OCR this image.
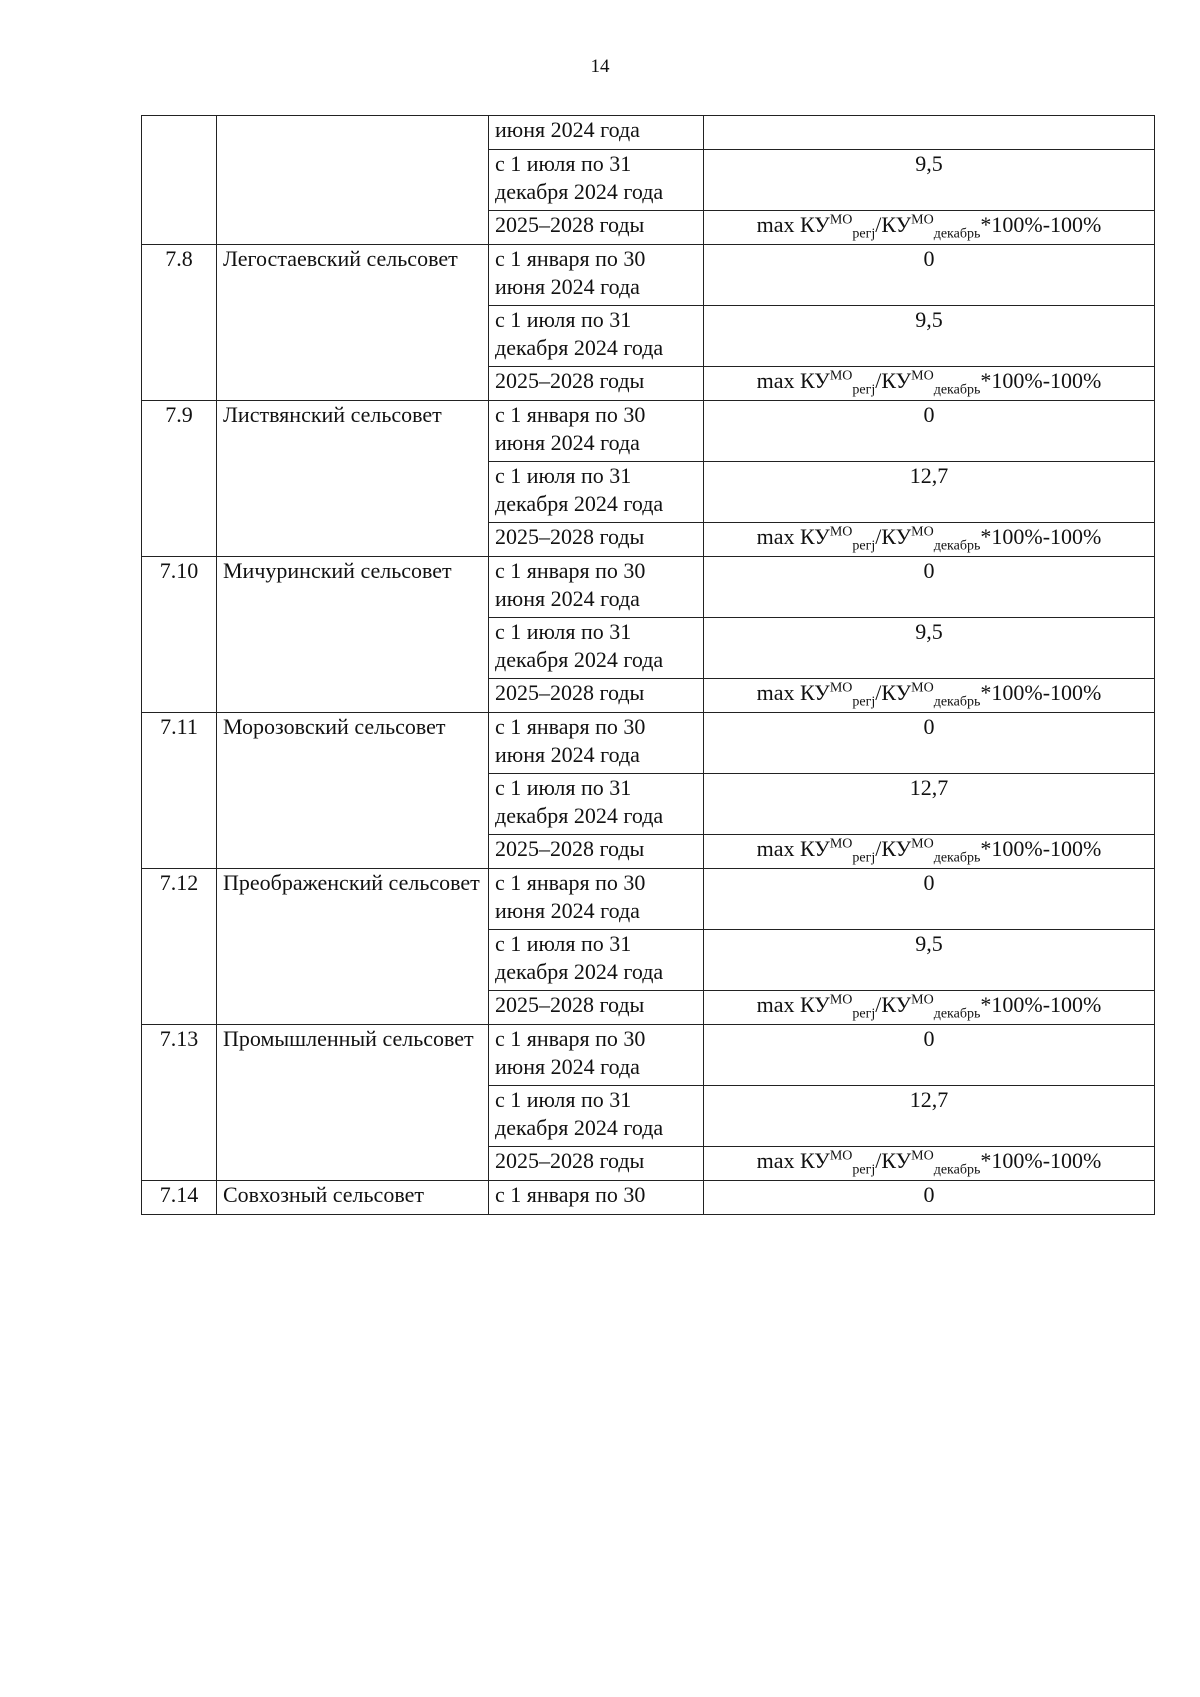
14
		июня 2024 года	
		с 1 июля по 31 декабря 2024 года	9,5
		2025–2028 годы	$\max КУ^{МО}_{регj}/КУ^{МО}_{декабрь}*100\%-100\%$
7.8	Легостаевский сельсовет	с 1 января по 30 июня 2024 года	0
		с 1 июля по 31 декабря 2024 года	9,5
		2025–2028 годы	$\max КУ^{МО}_{регj}/КУ^{МО}_{декабрь}*100\%-100\%$
7.9	Листвянский сельсовет	с 1 января по 30 июня 2024 года	0
		с 1 июля по 31 декабря 2024 года	12,7
		2025–2028 годы	$\max КУ^{МО}_{регj}/КУ^{МО}_{декабрь}*100\%-100\%$
7.10	Мичуринский сельсовет	с 1 января по 30 июня 2024 года	0
		с 1 июля по 31 декабря 2024 года	9,5
		2025–2028 годы	$\max КУ^{МО}_{регj}/КУ^{МО}_{декабрь}*100\%-100\%$
7.11	Морозовский сельсовет	с 1 января по 30 июня 2024 года	0
		с 1 июля по 31 декабря 2024 года	12,7
		2025–2028 годы	$\max КУ^{МО}_{регj}/КУ^{МО}_{декабрь}*100\%-100\%$
7.12	Преображенский сельсовет	с 1 января по 30 июня 2024 года	0
		с 1 июля по 31 декабря 2024 года	9,5
		2025–2028 годы	$\max КУ^{МО}_{регj}/КУ^{МО}_{декабрь}*100\%-100\%$
7.13	Промышленный сельсовет	с 1 января по 30 июня 2024 года	0
		с 1 июля по 31 декабря 2024 года	12,7
		2025–2028 годы	$\max КУ^{МО}_{регj}/КУ^{МО}_{декабрь}*100\%-100\%$
7.14	Совхозный сельсовет	с 1 января по 30	0
